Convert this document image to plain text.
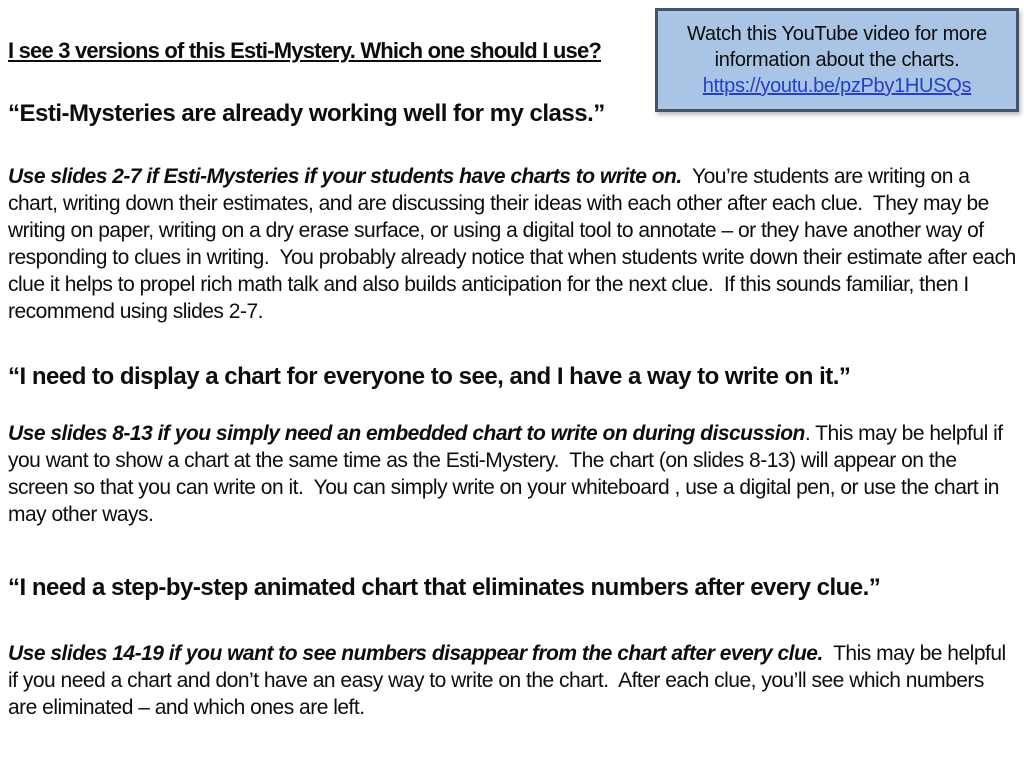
I see 3 versions of this Esti-Mystery. Which one should I use?
Watch this YouTube video for more
information about the charts.
https://youtu.be/pzPby1HUSQs
“Esti-Mysteries are already working well for my class.”
Use slides 2-7 if Esti-Mysteries if your students have charts to write on.  You’re students are writing on a chart, writing down their estimates, and are discussing their ideas with each other after each clue.  They may be writing on paper, writing on a dry erase surface, or using a digital tool to annotate – or they have another way of responding to clues in writing.  You probably already notice that when students write down their estimate after each clue it helps to propel rich math talk and also builds anticipation for the next clue.  If this sounds familiar, then I recommend using slides 2-7.
“I need to display a chart for everyone to see, and I have a way to write on it.”
Use slides 8-13 if you simply need an embedded chart to write on during discussion. This may be helpful if you want to show a chart at the same time as the Esti-Mystery.  The chart (on slides 8-13) will appear on the screen so that you can write on it.  You can simply write on your whiteboard , use a digital pen, or use the chart in may other ways.
“I need a step-by-step animated chart that eliminates numbers after every clue.”
Use slides 14-19 if you want to see numbers disappear from the chart after every clue.  This may be helpful if you need a chart and don’t have an easy way to write on the chart.  After each clue, you’ll see which numbers are eliminated – and which ones are left.
